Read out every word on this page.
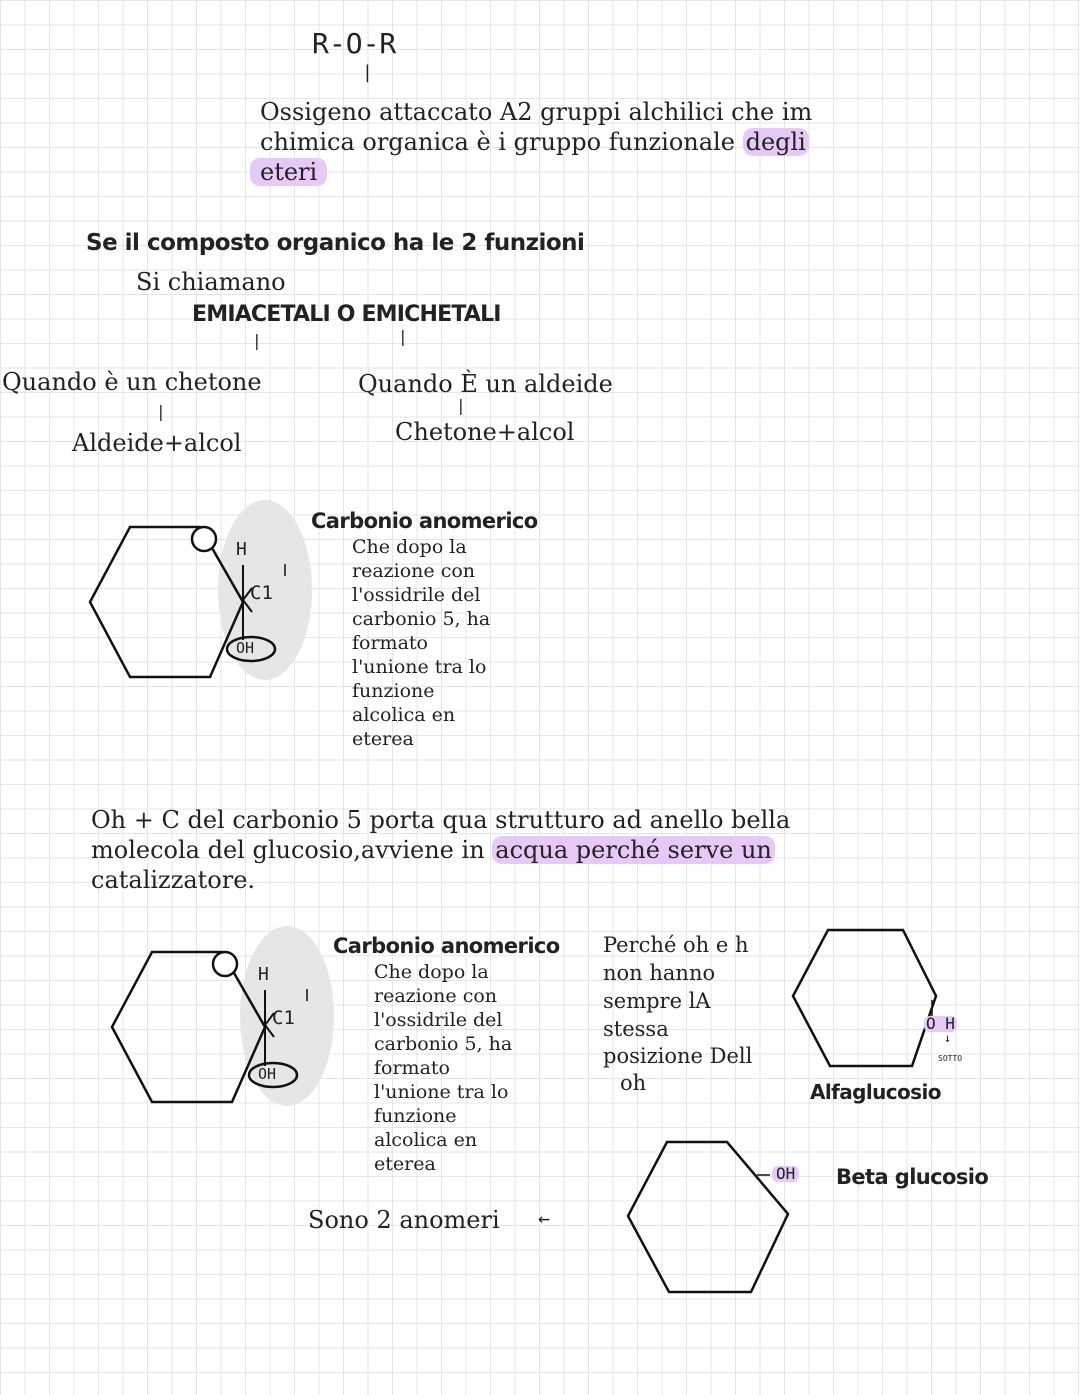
R-O-R
|
Ossigeno attaccato A2 gruppi alchilici che im
chimica organica è i gruppo funzionale degli
eteri
Se il composto organico ha le 2 funzioni
Si chiamano
EMIACETALI O EMICHETALI
|	|
Quando è un chetone
|
Aldeide+alcol
Quando È un aldeide
|
Chetone+alcol
H
C1
OH
Carbonio anomerico
Che dopo la
reazione con
l'ossidrile del
carbonio 5, ha
formato
l'unione tra lo
funzione
alcolica en
eterea
Oh + C del carbonio 5 porta qua strutturo ad anello bella
molecola del glucosio,avviene in acqua perché serve un
catalizzatore.
H
C1
OH
Carbonio anomerico
Che dopo la
reazione con
l'ossidrile del
carbonio 5, ha
formato
l'unione tra lo
funzione
alcolica en
eterea
Perché oh e h
non hanno
sempre lA
stessa
posizione Dell
oh
O H
↓
SOTTO
Alfaglucosio
OH Beta glucosio
Sono 2 anomeri ←
